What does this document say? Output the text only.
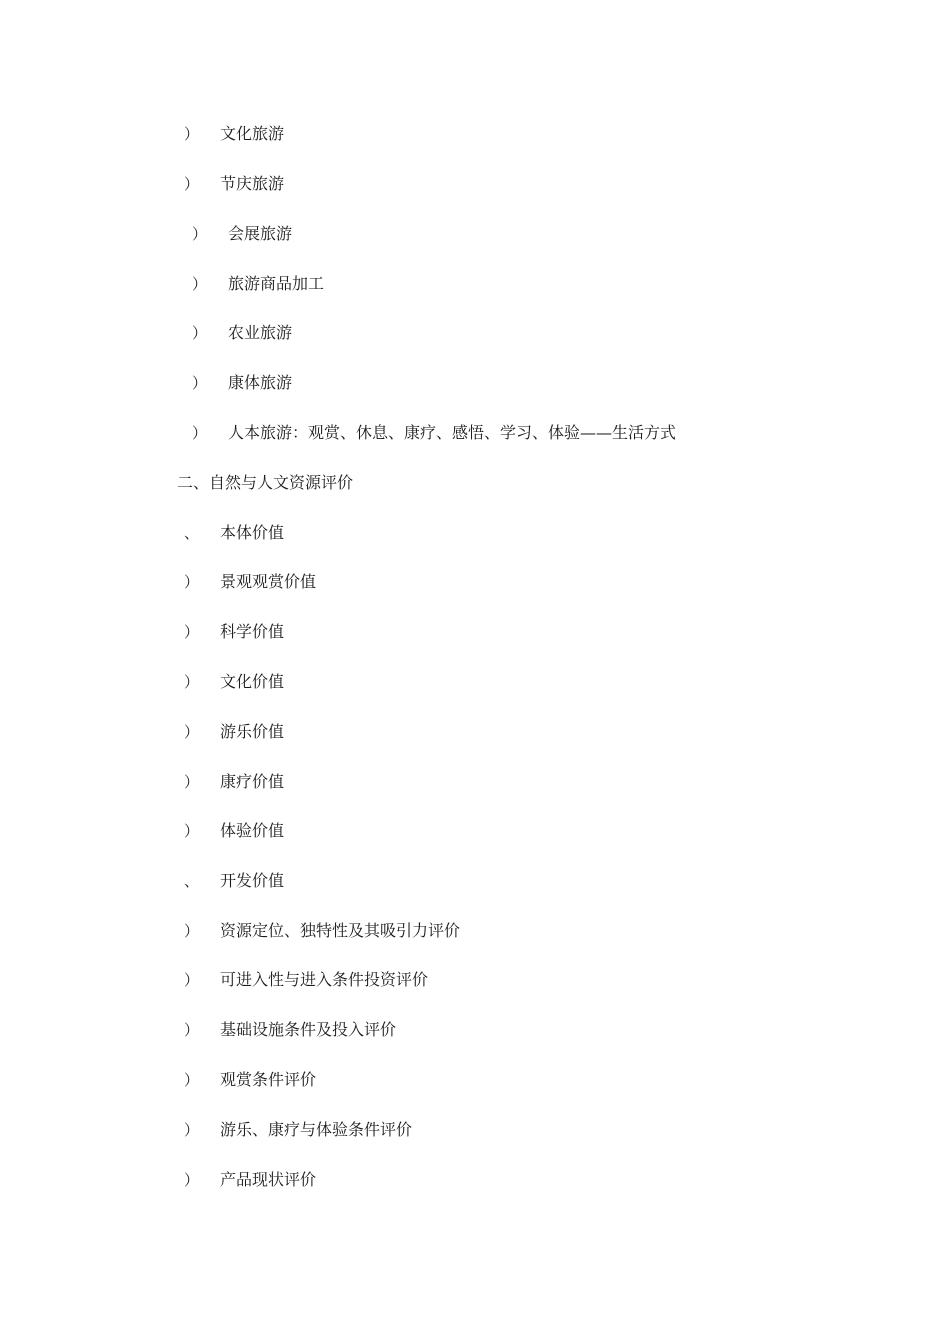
） 文化旅游
） 节庆旅游
） 会展旅游
） 旅游商品加工
） 农业旅游
） 康体旅游
） 人本旅游：观赏、休息、康疗、感悟、学习、体验——生活方式
二、自然与人文资源评价
、 本体价值
） 景观观赏价值
） 科学价值
） 文化价值
） 游乐价值
） 康疗价值
） 体验价值
、 开发价值
） 资源定位、独特性及其吸引力评价
） 可进入性与进入条件投资评价
） 基础设施条件及投入评价
） 观赏条件评价
） 游乐、康疗与体验条件评价
） 产品现状评价
